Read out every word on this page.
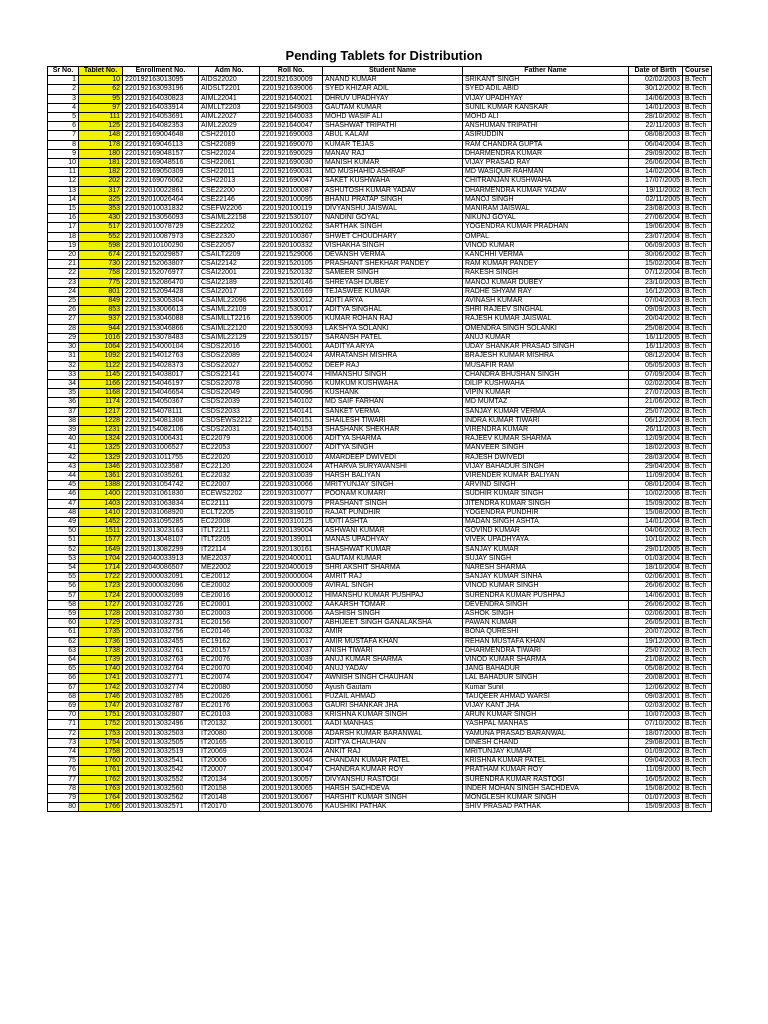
Pending Tablets for Distribution
Sr No.	Tablet No.	Enrollment No.	Adm No.	Roll No.	Student Name	Father Name	Date of Birth	Course
1	10	220192163013095	AIDS22020	2201921630009	ANAND KUMAR	SRIKANT SINGH	02/02/2003	B.Tech
2	62	220192163093196	AIDSLT2201	2201921639006	SYED KHIZAR ADIL	SYED ADIL ABID	30/12/2002	B.Tech
3	95	220192164030823	AIML22041	2201921640021	DHRUV UPADHYAY	VIJAY UPADHYAY	14/06/2003	B.Tech
4	97	220192164033914	AIMLLT2203	2201921649003	GAUTAM KUMAR	SUNIL KUMAR KANSKAR	14/01/2003	B.Tech
5	111	220192164053691	AIML22027	2201921640033	MOHD WASIF ALI	MOHD ALI	28/10/2002	B.Tech
6	125	220192164082353	AIML22029	2201921640047	SHASHWAT TRIPATHI	ANSHUMAN TRIPATHI	22/11/2003	B.Tech
7	148	220192169004648	CSH22010	2201921690003	ABUL KALAM	ASIRUDDIN	08/08/2003	B.Tech
8	178	220192169046113	CSH22089	2201921690070	KUMAR TEJAS	RAM CHANDRA GUPTA	06/04/2004	B.Tech
9	180	220192169048157	CSH22024	2201921690029	MANAV RAJ	DHARMENDRA KUMAR	29/09/2002	B.Tech
10	181	220192169048516	CSH22061	2201921690030	MANISH KUMAR	VIJAY PRASAD RAY	26/06/2004	B.Tech
11	182	220192169050309	CSH22011	2201921690031	MD MUSHAHID ASHRAF	MD WASIQUR RAHMAN	14/02/2004	B.Tech
12	202	220192169076062	CSH22013	2201921690047	SAKET KUSHWAHA	CHITRANJAN KUSHWAHA	17/07/2005	B.Tech
13	317	220192010022861	CSE22200	2201920100087	ASHUTOSH KUMAR YADAV	DHARMENDRA KUMAR YADAV	19/11/2002	B.Tech
14	325	220192010026464	CSE22146	2201920100095	BHANU PRATAP SINGH	MANOJ SINGH	02/11/2005	B.Tech
15	353	220192010031832	CSEFW2206	2201920100119	DIVYANSHU JAISWAL	MANIRAM JAISWAL	23/08/2003	B.Tech
16	430	220192153056093	CSAIML22158	2201921530107	NANDINI GOYAL	NIKUNJ GOYAL	27/06/2004	B.Tech
17	517	220192010078729	CSE22202	2201920100262	SARTHAK SINGH	YOGENDRA KUMAR PRADHAN	19/06/2004	B.Tech
18	552	220192010087973	CSE22320	2201920100367	SHWET CHOUDHARY	OMPAL	23/07/2004	B.Tech
19	598	220192010100290	CSE22057	2201920100332	VISHAKHA SINGH	VINOD KUMAR	06/09/2003	B.Tech
20	674	220192152029857	CSAILT2209	2201921529006	DEVANSH VERMA	KANCHHI VERMA	30/06/2002	B.Tech
21	730	220192152063807	CSAI22142	2201921520105	PRASHANT SHEKHAR PANDEY	RAM KUMAR PANDEY	15/02/2004	B.Tech
22	758	220192152076977	CSAI22001	2201921520132	SAMEER SINGH	RAKESH SINGH	07/12/2004	B.Tech
23	775	220192152086470	CSAI22189	2201921520146	SHREYASH DUBEY	MANOJ KUMAR DUBEY	23/10/2003	B.Tech
24	801	220192152094428	CSAI22017	2201921520169	TEJASWEE KUMAR	RADHE SHYAM RAY	16/12/2003	B.Tech
25	849	220192153005304	CSAIML22096	2201921530012	ADITI ARYA	AVINASH KUMAR	07/04/2003	B.Tech
26	853	220192153006613	CSAIML22109	2201921530017	ADITYA SINGHAL	SHRI RAJEEV SINGHAL	09/09/2003	B.Tech
27	937	220192153046088	CSAIMLLT2216	2201921539005	KUMAR ROHAN RAJ	RAJESH KUMAR JAISWAL	20/04/2002	B.Tech
28	944	220192153046866	CSAIML22120	2201921530093	LAKSHYA SOLANKI	OMENDRA SINGH SOLANKI	25/08/2004	B.Tech
29	1016	220192153078483	CSAIML22129	2201921530157	SARANSH PATEL	ANUJ KUMAR	16/11/2005	B.Tech
30	1064	220192154000104	CSDS22016	2201921540001	AADITYA ARYA	UDAY SHANKAR PRASAD SINGH	16/11/2003	B.Tech
31	1092	220192154012763	CSDS22089	2201921540024	AMRATANSH MISHRA	BRAJESH KUMAR MISHRA	08/12/2004	B.Tech
32	1122	220192154028373	CSDS22027	2201921540052	DEEP RAJ	MUSAFIR RAM	05/05/2003	B.Tech
33	1145	220192154038017	CSDS22141	2201921540074	HIMANSHU SINGH	CHANDRA BHUSHAN SINGH	07/09/2004	B.Tech
34	1166	220192154046197	CSDS22078	2201921540096	KUMKUM KUSHWAHA	DILIP KUSHWAHA	02/02/2004	B.Tech
35	1168	220192154046654	CSDS22049	2201921540096	KUSHANK	VIPIN KUMAR	27/07/2003	B.Tech
36	1174	220192154050367	CSDS22039	2201921540102	MD SAIF FARHAN	MD MUMTAZ	21/06/2002	B.Tech
37	1217	220192154078111	CSDS22033	2201921540141	SANKET VERMA	SANJAY KUMAR VERMA	25/07/2002	B.Tech
38	1228	220192154081308	CSDSEWS2212	2201921540151	SHAILESH TIWARI	INDRA KUMAR TIWARI	06/12/2004	B.Tech
39	1231	220192154082106	CSDS22031	2201921540153	SHASHANK SHEKHAR	VIRENDRA KUMAR	26/11/2003	B.Tech
40	1324	220192031006431	EC22079	2201920310006	ADITYA SHARMA	RAJEEV KUMAR SHARMA	12/09/2004	B.Tech
41	1325	220192031006527	EC22053	2201920310007	ADITYA SINGH	MANVEER SINGH	18/02/2003	B.Tech
42	1329	220192031011755	EC22020	2201920310010	AMARDEEP DWIVEDI	RAJESH DWIVEDI	28/03/2004	B.Tech
43	1346	220192031023587	EC22120	2201920310024	ATHARVA SURYAVANSHI	VIJAY BAHADUR SINGH	29/04/2004	B.Tech
44	1361	220192031035261	EC22032	2201920310039	HARSH BALIYAN	VIRENDER KUMAR BALIYAN	11/09/2004	B.Tech
45	1388	220192031054742	EC22007	2201920310066	MRITYUNJAY SINGH	ARVIND SINGH	08/01/2004	B.Tech
46	1400	220192031061830	ECEWS2202	2201920310077	POONAM KUMARI	SUDHIR KUMAR SINGH	10/02/2006	B.Tech
47	1403	220192031063834	EC22111	2201920310079	PRASHANT SINGH	JITENDRA KUMAR SINGH	15/09/2002	B.Tech
48	1410	220192031068920	ECLT2205	2201920319010	RAJAT PUNDHIR	YOGENDRA PUNDHIR	15/08/2000	B.Tech
49	1452	220192031095285	EC22008	2201920310125	UDITI ASHTA	MADAN SINGH ASHTA	14/01/2004	B.Tech
50	1511	220192013023163	ITLT2211	2201920139004	ASHWANI KUMAR	GOVIND KUMAR	04/06/2002	B.Tech
51	1577	220192013048107	ITLT2205	2201920139011	MANAS UPADHYAY	VIVEK UPADHYAYA	10/10/2002	B.Tech
52	1649	220192013082299	IT22114	2201920130161	SHASHWAT KUMAR	SANJAY KUMAR	29/01/2005	B.Tech
53	1704	220192040033913	ME22037	2201920400011	GAUTAM KUMAR	SUJAY SINGH	01/03/2004	B.Tech
54	1714	220192040086507	ME22002	2201920400019	SHRI AKSHIT SHARMA	NARESH SHARMA	18/10/2004	B.Tech
55	1722	220192000032091	CE20012	2001920000004	AMRIT RAJ	SANJAY KUMAR SINHA	02/06/2001	B.Tech
56	1723	220192000032096	CE20002	2001920000009	AVIRAL SINGH	VINOD KUMAR SINGH	26/06/2002	B.Tech
57	1724	220192000032099	CE20016	2001920000012	HIMANSHU KUMAR PUSHPAJ	SURENDRA KUMAR PUSHPAJ	14/06/2001	B.Tech
58	1727	200192031032726	EC20001	2001920310002	AAKARSH TOMAR	DEVENDRA SINGH	26/06/2002	B.Tech
59	1728	200192031032730	EC20003	2001920310006	AASHISH SINGH	ASHOK SINGH	02/06/2001	B.Tech
60	1729	200192031032731	EC20156	2001920310007	ABHIJEET SINGH GANALAKSHA	PAWAN KUMAR	26/05/2001	B.Tech
61	1735	200192031032756	EC20146	2001920310032	AMIR	BONA QURESHI	20/07/2002	B.Tech
62	1736	190192031032455	EC19162	1901920310017	AMIR MUSTAFA KHAN	REHAN MUSTAFA KHAN	19/12/2000	B.Tech
63	1738	200192031032761	EC20157	2001920310037	ANISH TIWARI	DHARMENDRA TIWARI	25/07/2002	B.Tech
64	1739	200192031032763	EC20076	2001920310039	ANUJ KUMAR SHARMA	VINOD KUMAR SHARMA	21/08/2002	B.Tech
65	1740	200192031032764	EC20070	2001920310040	ANUJ YADAV	JANG BAHADUR	05/08/2002	B.Tech
66	1741	200192031032771	EC20074	2001920310047	AWNISH SINGH CHAUHAN	LAL BAHADUR SINGH	20/08/2001	B.Tech
67	1742	200192031032774	EC20080	2001920310050	Ayush Gautam	Kumar Sunil	12/06/2002	B.Tech
68	1746	200192031032785	EC20026	2001920310061	FUZAIL AHMAD	TAUQEER AHMAD WARSI	09/03/2001	B.Tech
69	1747	200192031032787	EC20176	2001920310063	GAURI SHANKAR JHA	VIJAY KANT JHA	02/03/2002	B.Tech
70	1751	200192031032807	EC20103	2001920310083	KRISHNA KUMAR SINGH	ARUN KUMAR SINGH	10/07/2003	B.Tech
71	1752	200192013032496	IT20132	2001920130001	AADI MANHAS	YASHPAL MANHAS	07/10/2002	B.Tech
72	1753	200192013032503	IT20080	2001920130008	ADARSH KUMAR BARANWAL	YAMUNA PRASAD BARANWAL	18/07/2000	B.Tech
73	1754	200192013032505	IT20165	2001920130010	ADITYA CHAUHAN	DINESH CHAND	29/08/2001	B.Tech
74	1758	200192013032519	IT20069	2001920130024	ANKIT RAJ	MRITUNJAY KUMAR	01/09/2002	B.Tech
75	1760	200192013032541	IT20006	2001920130046	CHANDAN KUMAR PATEL	KRISHNA KUMAR PATEL	09/04/2003	B.Tech
76	1761	200192013032542	IT20007	2001920130047	CHANDRA KUMAR ROY	PRATHAM KUMAR ROY	11/09/2000	B.Tech
77	1762	200192013032552	IT20134	2001920130057	DIVYANSHU RASTOGI	SURENDRA KUMAR RASTOGI	16/05/2002	B.Tech
78	1763	200192013032560	IT20158	2001920130065	HARSH SACHDEVA	INDER MOHAN SINGH SACHDEVA	15/08/2002	B.Tech
79	1764	200192013032562	IT20148	2001920130067	HARSHIT KUMAR SINGH	MONGLESH KUMAR SINGH	01/07/2003	B.Tech
80	1766	200192013032571	IT20170	2001920130076	KAUSHIKI PATHAK	SHIV PRASAD PATHAK	15/09/2003	B.Tech
